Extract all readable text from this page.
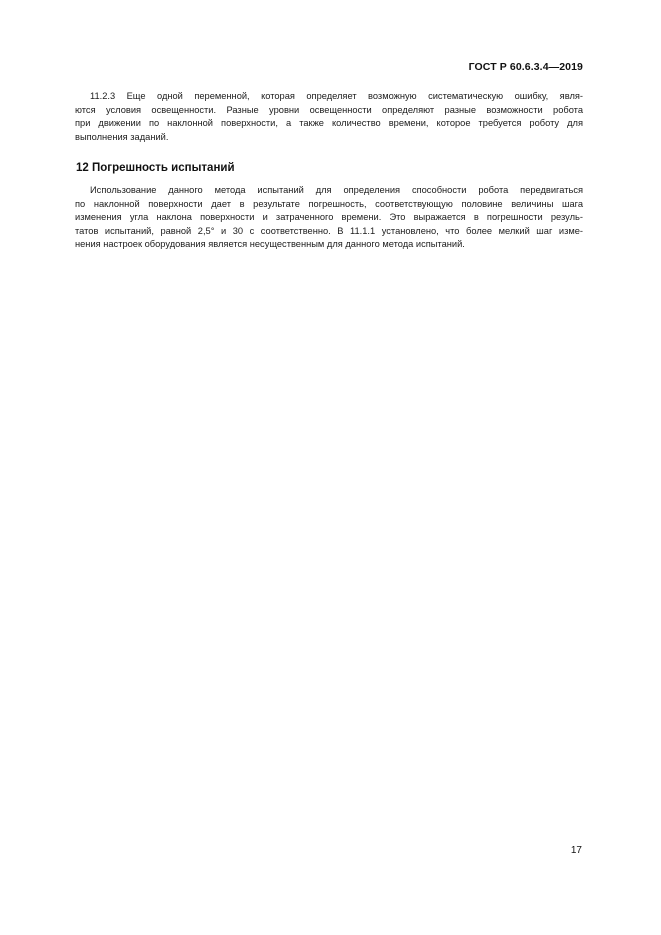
ГОСТ Р 60.6.3.4—2019

11.2.3 Еще одной переменной, которая определяет возможную систематическую ошибку, явля-
ются условия освещенности. Разные уровни освещенности определяют разные возможности робота
при движении по наклонной поверхности, а также количество времени, которое требуется роботу для
выполнения заданий.

12 Погрешность испытаний

Использование данного метода испытаний для определения способности робота передвигаться
по наклонной поверхности дает в результате погрешность, соответствующую половине величины шага
изменения угла наклона поверхности и затраченного времени. Это выражается в погрешности резуль-
татов испытаний, равной 2,5° и 30 с соответственно. В 11.1.1 установлено, что более мелкий шаг изме-
нения настроек оборудования является несущественным для данного метода испытаний.

17
